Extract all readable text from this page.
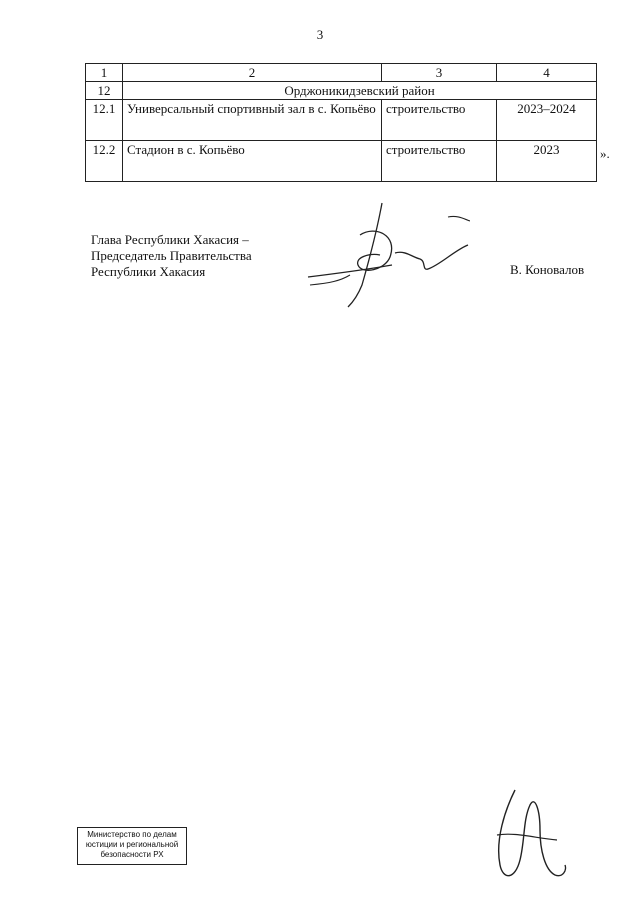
3
1	2	3	4
12	Орджоникидзевский район		
12.1	Универсальный спортивный зал в с. Копьёво	строительство	2023–2024
12.2	Стадион в с. Копьёво	строительство	2023	».
Глава Республики Хакасия –
Председатель Правительства
Республики Хакасия	В. Коновалов
Министерство по делам
юстиции и региональной
безопасности РХ
